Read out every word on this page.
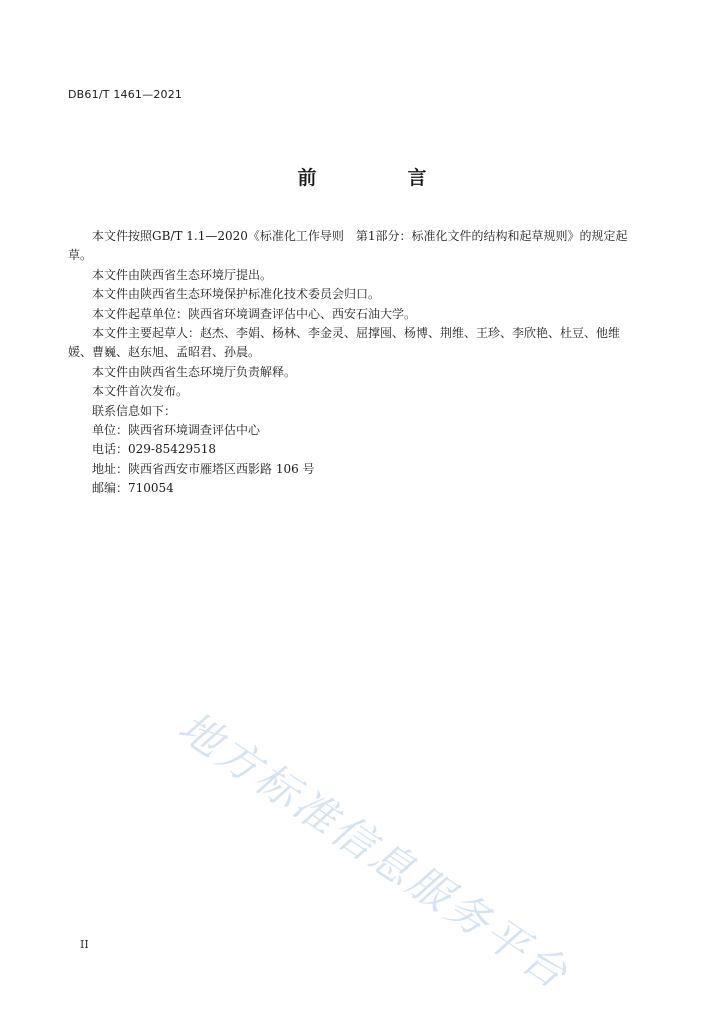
DB61/T 1461—2021
前　言

本文件按照GB/T 1.1—2020《标准化工作导则　第1部分：标准化文件的结构和起草规则》的规定起草。

本文件由陕西省生态环境厅提出。

本文件由陕西省生态环境保护标准化技术委员会归口。

本文件起草单位：陕西省环境调查评估中心、西安石油大学。

本文件主要起草人：赵杰、李娟、杨林、李金灵、屈撑囤、杨博、荆维、王珍、李欣艳、杜豆、他维媛、曹巍、赵东旭、孟昭君、孙晨。

本文件由陕西省生态环境厅负责解释。

本文件首次发布。

联系信息如下：

单位：陕西省环境调查评估中心

电话：029-85429518

地址：陕西省西安市雁塔区西影路 106 号

邮编：710054

地方标准信息服务平台
II
